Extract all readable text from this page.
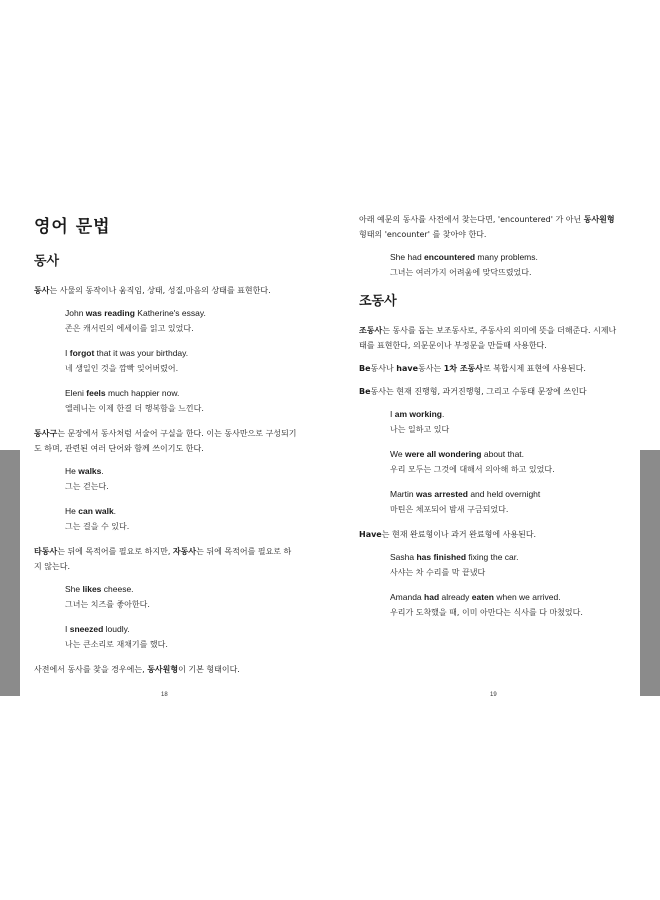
영어 문법
동사

동사는 사물의 동작이나 움직임, 상태, 성질,마음의 상태를 표현한다.

John was reading Katherine's essay.
존은 캐서린의 에세이를 읽고 있었다.
I forgot that it was your birthday.
네 생일인 것을 깜빡 잊어버렸어.
Eleni feels much happier now.
엘레니는 이제 한결 더 행복함을 느낀다.

동사구는 문장에서 동사처럼 서술어 구실을 한다. 이는 동사만으로 구성되기도 하며, 관련된 여러 단어와 함께 쓰이기도 한다.

He walks.
그는 걷는다.
He can walk.
그는 걸을 수 있다.

타동사는 뒤에 목적어를 필요로 하지만, 자동사는 뒤에 목적어를 필요로 하지 않는다.

She likes cheese.
그녀는 치즈를 좋아한다.
I sneezed loudly.
나는 큰소리로 재채기를 했다.

사전에서 동사를 찾을 경우에는, 동사원형이 기본 형태이다.

아래 예문의 동사를 사전에서 찾는다면, 'encountered' 가 아닌 동사원형 형태의 'encounter' 를 찾아야 한다.

She had encountered many problems.
그녀는 여러가지 어려움에 맞닥뜨렸었다.
조동사

조동사는 동사를 돕는 보조동사로, 주동사의 의미에 뜻을 더해준다. 시제나 태를 표현한다, 의문문이나 부정문을 만들때 사용한다.

Be동사나 have동사는 1차 조동사로 복합시제 표현에 사용된다.

Be동사는 현재 진행형, 과거진행형, 그리고 수동태 문장에 쓰인다

I am working.
나는 일하고 있다
We were all wondering about that.
우리 모두는 그것에 대해서 의아해 하고 있었다.
Martin was arrested and held overnight
마틴은 체포되어 밤새 구금되었다.

Have는 현재 완료형이나 과거 완료형에 사용된다.

Sasha has finished fixing the car.
사샤는 차 수리를 막 끝냈다
Amanda had already eaten when we arrived.
우리가 도착했을 때, 이미 아만다는 식사를 다 마쳤었다.
18	19
